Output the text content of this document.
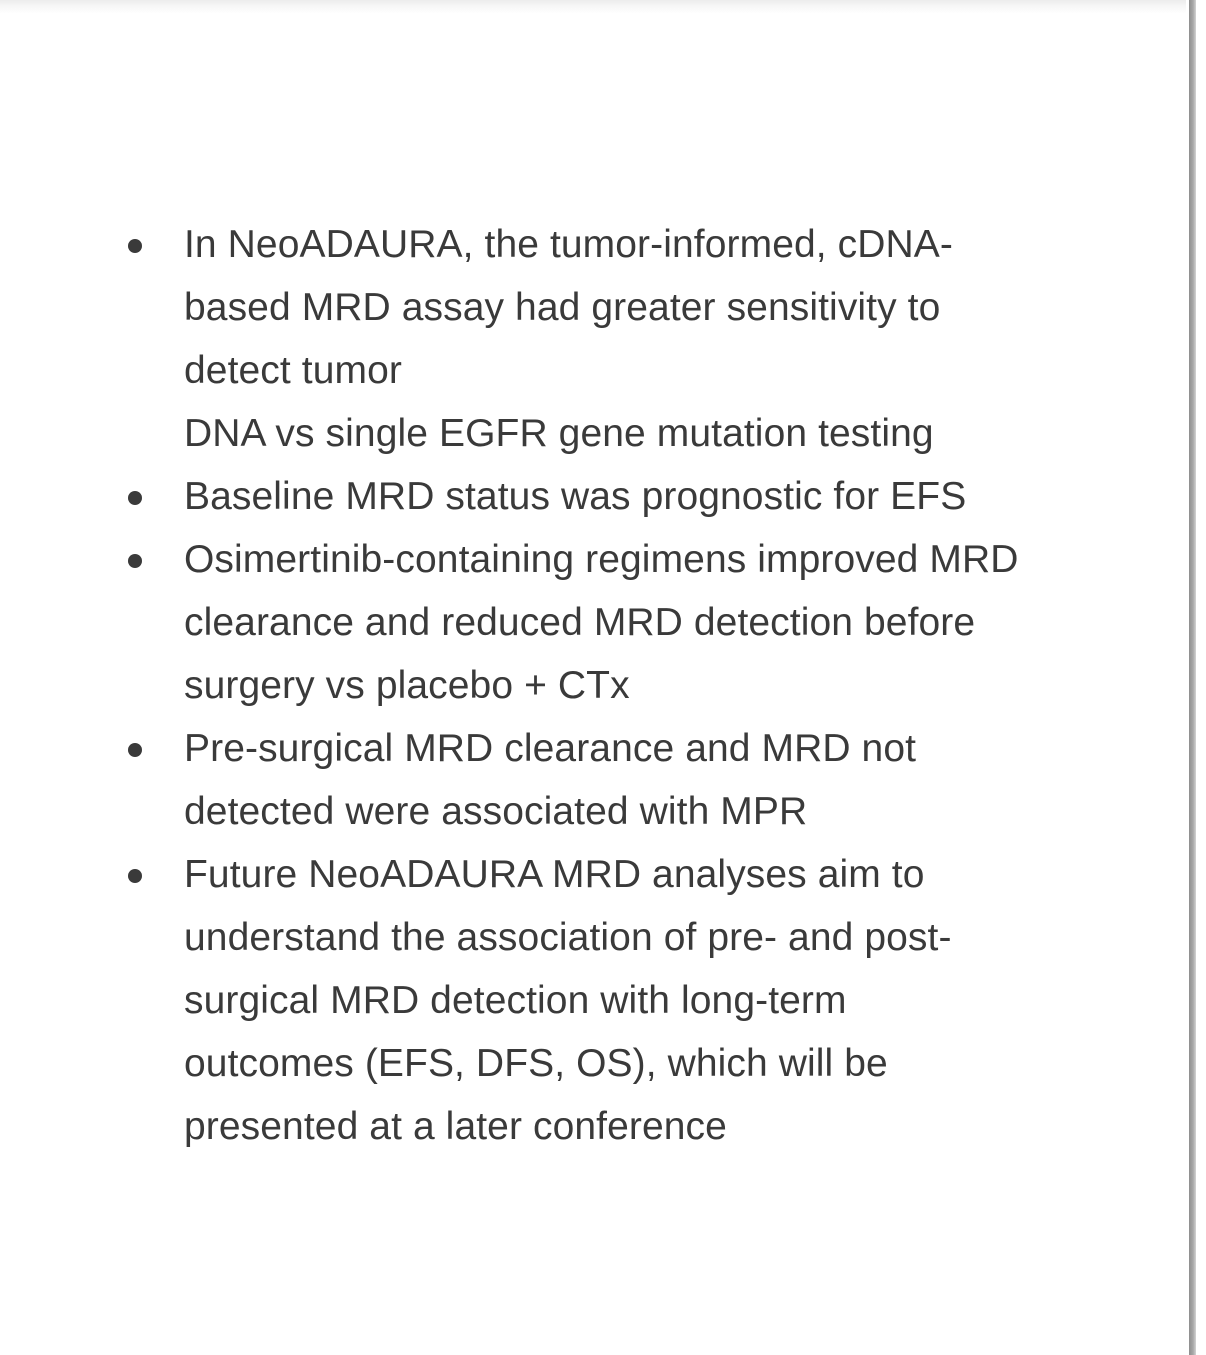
In NeoADAURA, the tumor-informed, cDNA-
based MRD assay had greater sensitivity to
detect tumor
DNA vs single EGFR gene mutation testing
Baseline MRD status was prognostic for EFS
Osimertinib-containing regimens improved MRD
clearance and reduced MRD detection before
surgery vs placebo + CTx
Pre-surgical MRD clearance and MRD not
detected were associated with MPR
Future NeoADAURA MRD analyses aim to
understand the association of pre- and post-
surgical MRD detection with long-term
outcomes (EFS, DFS, OS), which will be
presented at a later conference
